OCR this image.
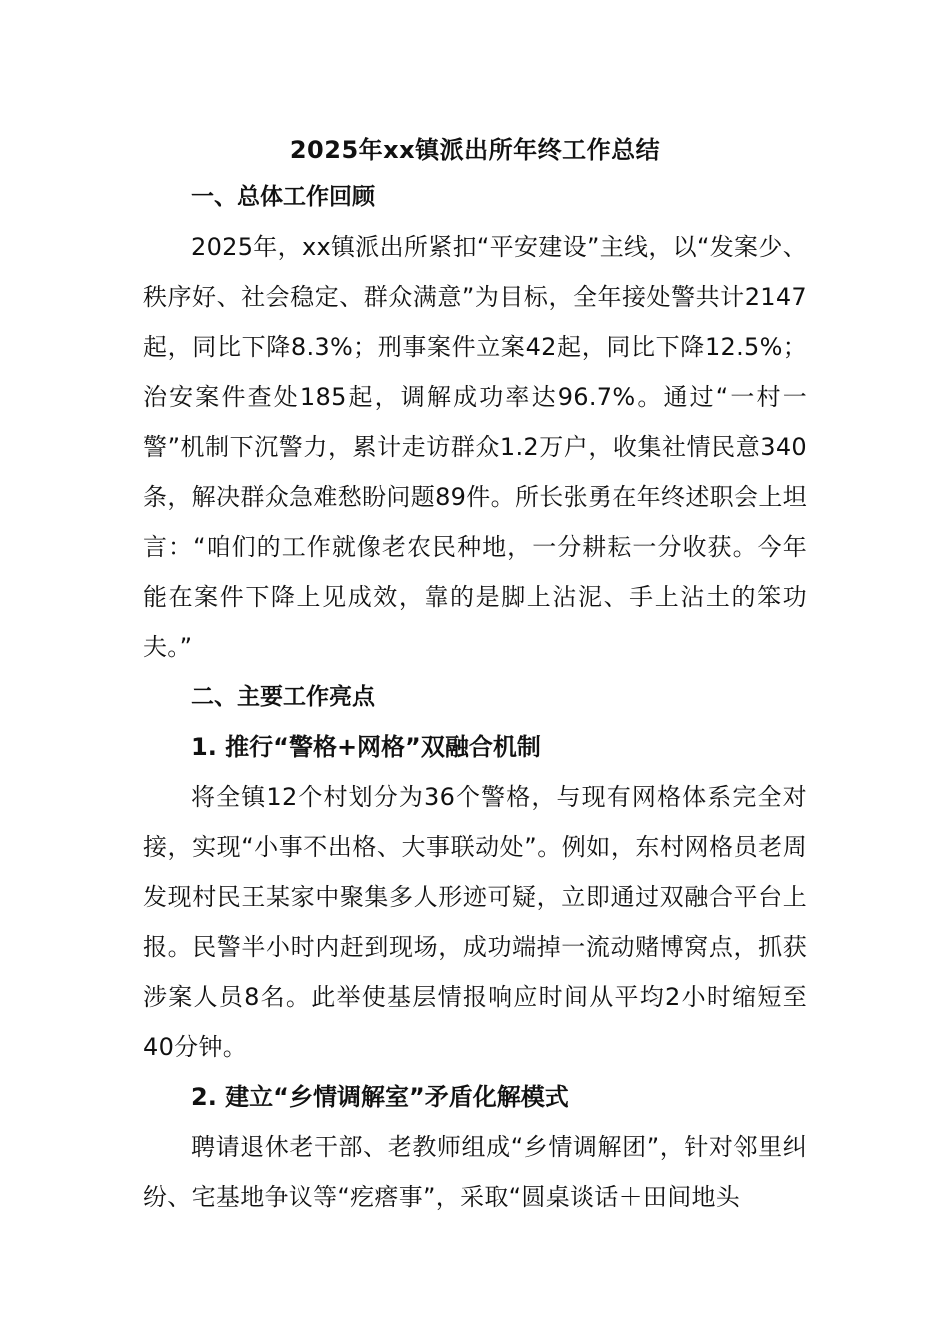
2025年xx镇派出所年终工作总结
一、总体工作回顾

2025年，xx镇派出所紧扣“平安建设”主线，以“发案少、秩序好、社会稳定、群众满意”为目标，全年接处警共计2147起，同比下降8.3%；刑事案件立案42起，同比下降12.5%；治安案件查处185起，调解成功率达96.7%。通过“一村一警”机制下沉警力，累计走访群众1.2万户，收集社情民意340条，解决群众急难愁盼问题89件。所长张勇在年终述职会上坦言：“咱们的工作就像老农民种地，一分耕耘一分收获。今年能在案件下降上见成效，靠的是脚上沾泥、手上沾土的笨功夫。”

二、主要工作亮点
1. 推行“警格+网格”双融合机制

将全镇12个村划分为36个警格，与现有网格体系完全对接，实现“小事不出格、大事联动处”。例如，东村网格员老周发现村民王某家中聚集多人形迹可疑，立即通过双融合平台上报。民警半小时内赶到现场，成功端掉一流动赌博窝点，抓获涉案人员8名。此举使基层情报响应时间从平均2小时缩短至40分钟。

2. 建立“乡情调解室”矛盾化解模式

聘请退休老干部、老教师组成“乡情调解团”，针对邻里纠纷、宅基地争议等“疙瘩事”，采取“圆桌谈话＋田间地头
